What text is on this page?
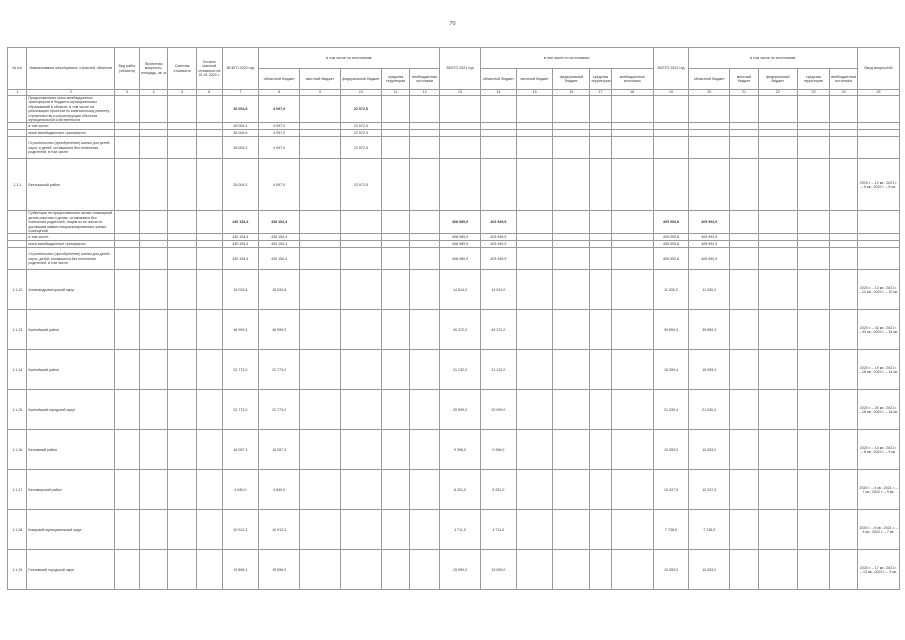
70
№ п/п	Наименование мероприятия, отраслей, объектов	Вид работ (объекта)	Проектная мощность, площадь, кв. м	Сметная стоимость	Остаток сметной стоимости на 01.01.2020 г.	ВСЕГО 2020 год	в том числе по источникам:					ВСЕГО 2021 год	в том числе по источникам:					ВСЕГО 2022 год	в том числе по источникам:					Ввод мощностей
							областной бюджет	местный бюджет	федеральный бюджет	средства территории	внебюджетные источники		областной бюджет	местный бюджет	федеральный бюджет	средства территории	внебюджетные источники		областной бюджет	местный бюджет	федеральный бюджет	средства территории	внебюджетные источники	
1	2	3	4	5	6	7	8	9	10	11	12	13	14	15	16	17	18	19	20	21	22	23	24	25
	Предоставление иных межбюджетных трансфертов в бюджеты муниципальных образований в области, в том числе на реализацию проектов по капитальному ремонту, строительству и реконструкции объектов муниципальной собственности					36 004,8	8 097,0		22 972,5															
	в том числе:					28 004,3	4 097,0		22 972,5															
	иные межбюджетные трансферты					36 004,8	4 097,0		22 972,5															
	Строительство (приобретение) жилья для детей-сирот и детей, оставшихся без попечения родителей, в том числе:					28 004,3	4 097,0		22 972,5															
1.1.1	Бектышский район					28 004,3	4 097,0		22 972,5															2020 г. – 10 кв.; 2021 г. – 5 кв.; 2022 г. – 5 кв.
	Субвенции на предоставление жилых помещений детям-сиротам и детям, оставшимся без попечения родителей, лицам из их числа по договорам найма специализированных жилых помещений					430 154,4	430 154,4					408 989,9	403 949,9					405 993,8	405 992,9					
	в том числе:					430 154,4	430 154,4					408 989,9	403 949,9					405 993,8	405 992,9					
	иные межбюджетные трансферты					430 154,4	430 154,4					408 989,9	403 949,9					405 993,8	405 992,9					
	Строительство (приобретение) жилья для детей-сирот, детей, оставшихся без попечения родителей, в том числе:					430 154,4	430 154,4					408 989,9	403 949,9					405 993,8	405 992,9					
1.1.12	Александровогорский округ					15 033,8	15 033,8					14 514,0	14 514,0					11 530,2	11 530,2					2020 г. – 13 кв.; 2021 г. – 12 кв.; 2022 г. – 10 кв.
1.1.13	Балтийский район					48 999,3	48 999,3					49 372,0	49 372,0					39 659,3	39 659,3					2020 г. – 42 кв.; 2021 г. – 43 кв.; 2022 г. – 34 кв.
1.1.14	Балтийский район					22 773,0	22 773,0					21 132,0	21 132,0					16 059,4	16 059,4					2020 г. – 19 кв.; 2021 г. – 18 кв.; 2022 г. – 14 кв.
1.1.15	Балтийский городской округ					22 773,0	22 773,0					20 999,0	20 999,0					21 030,4	21 030,4					2020 г. – 20 кв.; 2021 г. – 18 кв.; 2022 г. – 18 кв.
1.1.16	Беловский район					16 057,3	16 057,3					9 396,0	9 396,0					10 053,0	10 053,0					2020 г. – 14 кв.; 2021 г. – 8 кв.; 2022 г. – 9 кв.
1.1.17	Беломорский район					4 840,0	4 840,0					8 251,0	8 251,0					10 037,5	10 037,5					2020 г. – 4 кв.; 2021 г. – 7 кв.; 2022 г. – 9 кв.
1.1.18	Кимрский муниципальный округ					10 912,3	10 912,3					4 711,0	4 711,0					7 738,5	7 738,5					2020 г. – 9 кв.; 2021 г. – 4 кв.; 2022 г. – 7 кв.
1.1.19	Глазовский городской округ					19 896,3	19 896,3					15 059,0	15 059,0					10 053,0	10 053,0					2020 г. – 17 кв.; 2021 г. – 13 кв.; 2022 г. – 9 кв.
